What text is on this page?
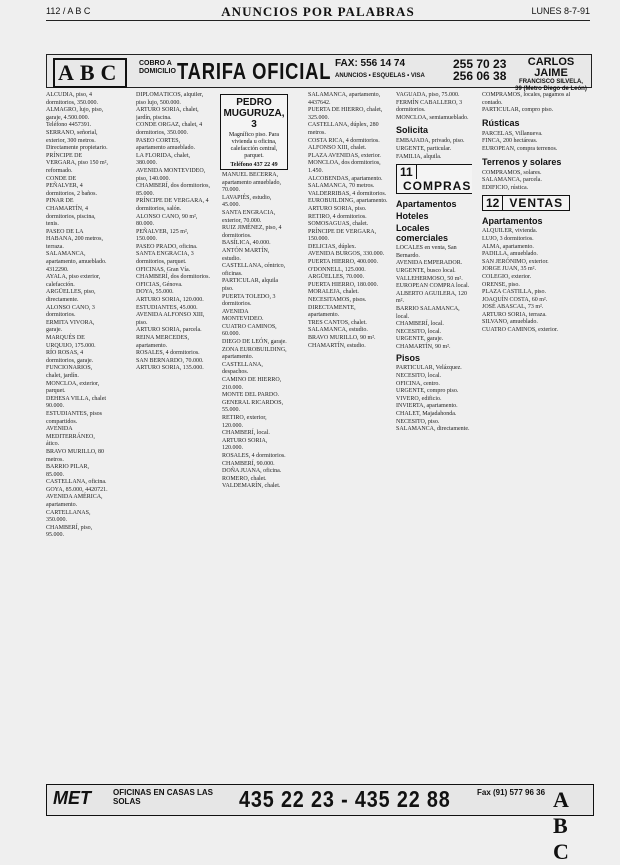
112 / A B C	ANUNCIOS POR PALABRAS	LUNES 8-7-91
ABC	COBRO A DOMICILIO TARIFA OFICIAL FAX: 556 14 74
ANUNCIOS • ESQUELAS • VISA
255 70 23
256 06 38
CARLOS JAIME
FRANCISCO SILVELA, 39 (Metro Diego de León)

ALCUDIA, piso, 4 dormitorios, 350.000.

ALMAGRO, lujo, piso, garaje, 4.500.000. Teléfono 4457391.

SERRANO, señorial, exterior, 300 metros. Directamente propietario.

PRÍNCIPE DE VERGARA, piso 150 m², reformado.

CONDE DE PEÑALVER, 4 dormitorios, 2 baños.

PINAR DE CHAMARTÍN, 4 dormitorios, piscina, tenis.

PASEO DE LA HABANA, 200 metros, terraza.

SALAMANCA, apartamento, amueblado. 4312290.

AYALA, piso exterior, calefacción.

ARGÜELLES, piso, directamente.

ALONSO CANO, 3 dormitorios.

ERMITA VIVORA, garaje.

MARQUÉS DE URQUIJO, 175.000.

RÍO ROSAS, 4 dormitorios, garaje.

FUNCIONARIOS, chalet, jardín.

MONCLOA, exterior, parquet.

DEHESA VILLA, chalet 90.000.

ESTUDIANTES, pisos compartidos.

AVENIDA MEDITERRÁNEO, ático.

BRAVO MURILLO, 80 metros.

BARRIO PILAR, 85.000.

CASTELLANA, oficina.

GOYA, 85.000, 4420721.

AVENIDA AMÉRICA, apartamento.

CARTELLANAS, 350.000.

CHAMBERÍ, piso, 95.000.

DIPLOMÁTICOS, alquiler, piso lujo, 500.000.

ARTURO SORIA, chalet, jardín, piscina.

CONDE ORGAZ, chalet, 4 dormitorios, 350.000.

PASEO CORTES, apartamento amueblado.

LA FLORIDA, chalet, 380.000.

AVENIDA MONTEVIDEO, piso, 140.000.

CHAMBERÍ, dos dormitorios, 85.000.

PRÍNCIPE DE VERGARA, 4 dormitorios, salón.

ALONSO CANO, 90 m², 80.000.

PEÑALVER, 125 m², 150.000.

PASEO PRADO, oficina.

SANTA ENGRACIA, 3 dormitorios, parquet.

OFICINAS, Gran Vía.

CHAMBERÍ, dos dormitorios.

OFICIAS, Génova.

DOYA, 55.000.

ARTURO SORIA, 120.000.

ESTUDIANTES, 45.000.

AVENIDA ALFONSO XIII, piso.

ARTURO SORIA, parcela.

REINA MERCEDES, apartamento.

ROSALES, 4 dormitorios.

SAN BERNARDO, 70.000.

ARTURO SORIA, 135.000.

PEDRO MUGURUZA, 3
Magnífico piso. Para vivienda u oficina, calefacción central, parquet.
Teléfono 437 22 49

MANUEL BECERRA, apartamento amueblado, 70.000.

LAVAPIÉS, estudio, 45.000.

SANTA ENGRACIA, exterior, 70.000.

RUIZ JIMÉNEZ, piso, 4 dormitorios.

BASÍLICA, 40.000.

ANTÓN MARTÍN, estudio.

CASTELLANA, céntrico, oficinas.

PARTICULAR, alquila piso.

PUERTA TOLEDO, 3 dormitorios.

AVENIDA MONTEVIDEO.

CUATRO CAMINOS, 60.000.

DIEGO DE LEÓN, garaje.

ZONA EUROBUILDING, apartamento.

CASTELLANA, despachos.

CAMINO DE HIERRO, 210.000.

MONTE DEL PARDO.

GENERAL RICARDOS, 55.000.

RETIRO, exterior, 120.000.

CHAMBERÍ, local.

ARTURO SORIA, 120.000.

ROSALES, 4 dormitorios.

CHAMBERÍ, 90.000.

DOÑA JUANA, oficina.

ROMERO, chalet.

VALDEMARÍN, chalet.

SALAMANCA, apartamento, 4437642.

PUERTA DE HIERRO, chalet, 325.000.

CASTELLANA, dúplex, 280 metros.

COSTA RICA, 4 dormitorios.

ALFONSO XIII, chalet.

PLAZA AVENIDAS, exterior.

MONCLOA, dos dormitorios, 1.450.

ALCOBENDAS, apartamento.

SALAMANCA, 70 metros.

VALDERRIBAS, 4 dormitorios.

EUROBUILDING, apartamento.

ARTURO SORIA, piso.

RETIRO, 4 dormitorios.

SOMOSAGUAS, chalet.

PRÍNCIPE DE VERGARA, 150.000.

DELICIAS, dúplex.

AVENIDA BURGOS, 330.000.

PUERTA HIERRO, 400.000.

O'DONNELL, 125.000.

ARGÜELLES, 70.000.

PUERTA HIERRO, 180.000.

MORALEJA, chalet.

NECESITAMOS, pisos.

DIRECTAMENTE, apartamento.

TRES CANTOS, chalet.

SALAMANCA, estudio.

BRAVO MURILLO, 90 m².

CHAMARTÍN, estudio.

VAGUADA, piso, 75.000.

FERMÍN CABALLERO, 3 dormitorios.

MONCLOA, semiamueblado.

Solicita

EMBAJADA, privado, piso.

URGENTE, particular.

FAMILIA, alquila.

11COMPRAS
Apartamentos
Hoteles
Locales comerciales

LOCALES en venta, San Bernardo.

AVENIDA EMPERADOR.

URGENTE, busco local.

VALLEHERMOSO, 50 m².

EUROPEAN COMPRA local.

ALBERTO AGUILERA, 120 m².

BARRIO SALAMANCA, local.

CHAMBERÍ, local.

NECESITO, local.

URGENTE, garaje.

CHAMARTÍN, 90 m².

Pisos

PARTICULAR, Velázquez.

NECESITO, local.

OFICINA, centro.

URGENTE, compro piso.

VIVERO, edificio.

INVIERTA, apartamento.

CHALET, Majadahonda.

NECESITO, piso.

SALAMANCA, directamente.

COMPRAMOS, locales, pagamos al contado.

PARTICULAR, compro piso.

Rústicas

PARCELAS, Villanueva.

FINCA, 200 hectáreas.

EUROPEAN, compra terrenos.

Terrenos y solares

COMPRAMOS, solares.

SALAMANCA, parcela.

EDIFICIO, rústica.

12 VENTAS
Apartamentos

ALQUILER, vivienda.

LUJO, 3 dormitorios.

ALMA, apartamento.

PADILLA, amueblado.

SAN JERÓNIMO, exterior.

JORGE JUAN, 35 m².

COLEGIO, exterior.

ORENSE, piso.

PLAZA CASTILLA, piso.

JOAQUÍN COSTA, 60 m².

JOSÉ ABASCAL, 73 m².

ARTURO SORIA, terraza.

SILVANO, amueblado.

CUATRO CAMINOS, exterior.

MET	OFICINAS EN CASAS LAS SOLAS	435 22 23 - 435 22 88	Fax (91) 577 96 36 A B C
